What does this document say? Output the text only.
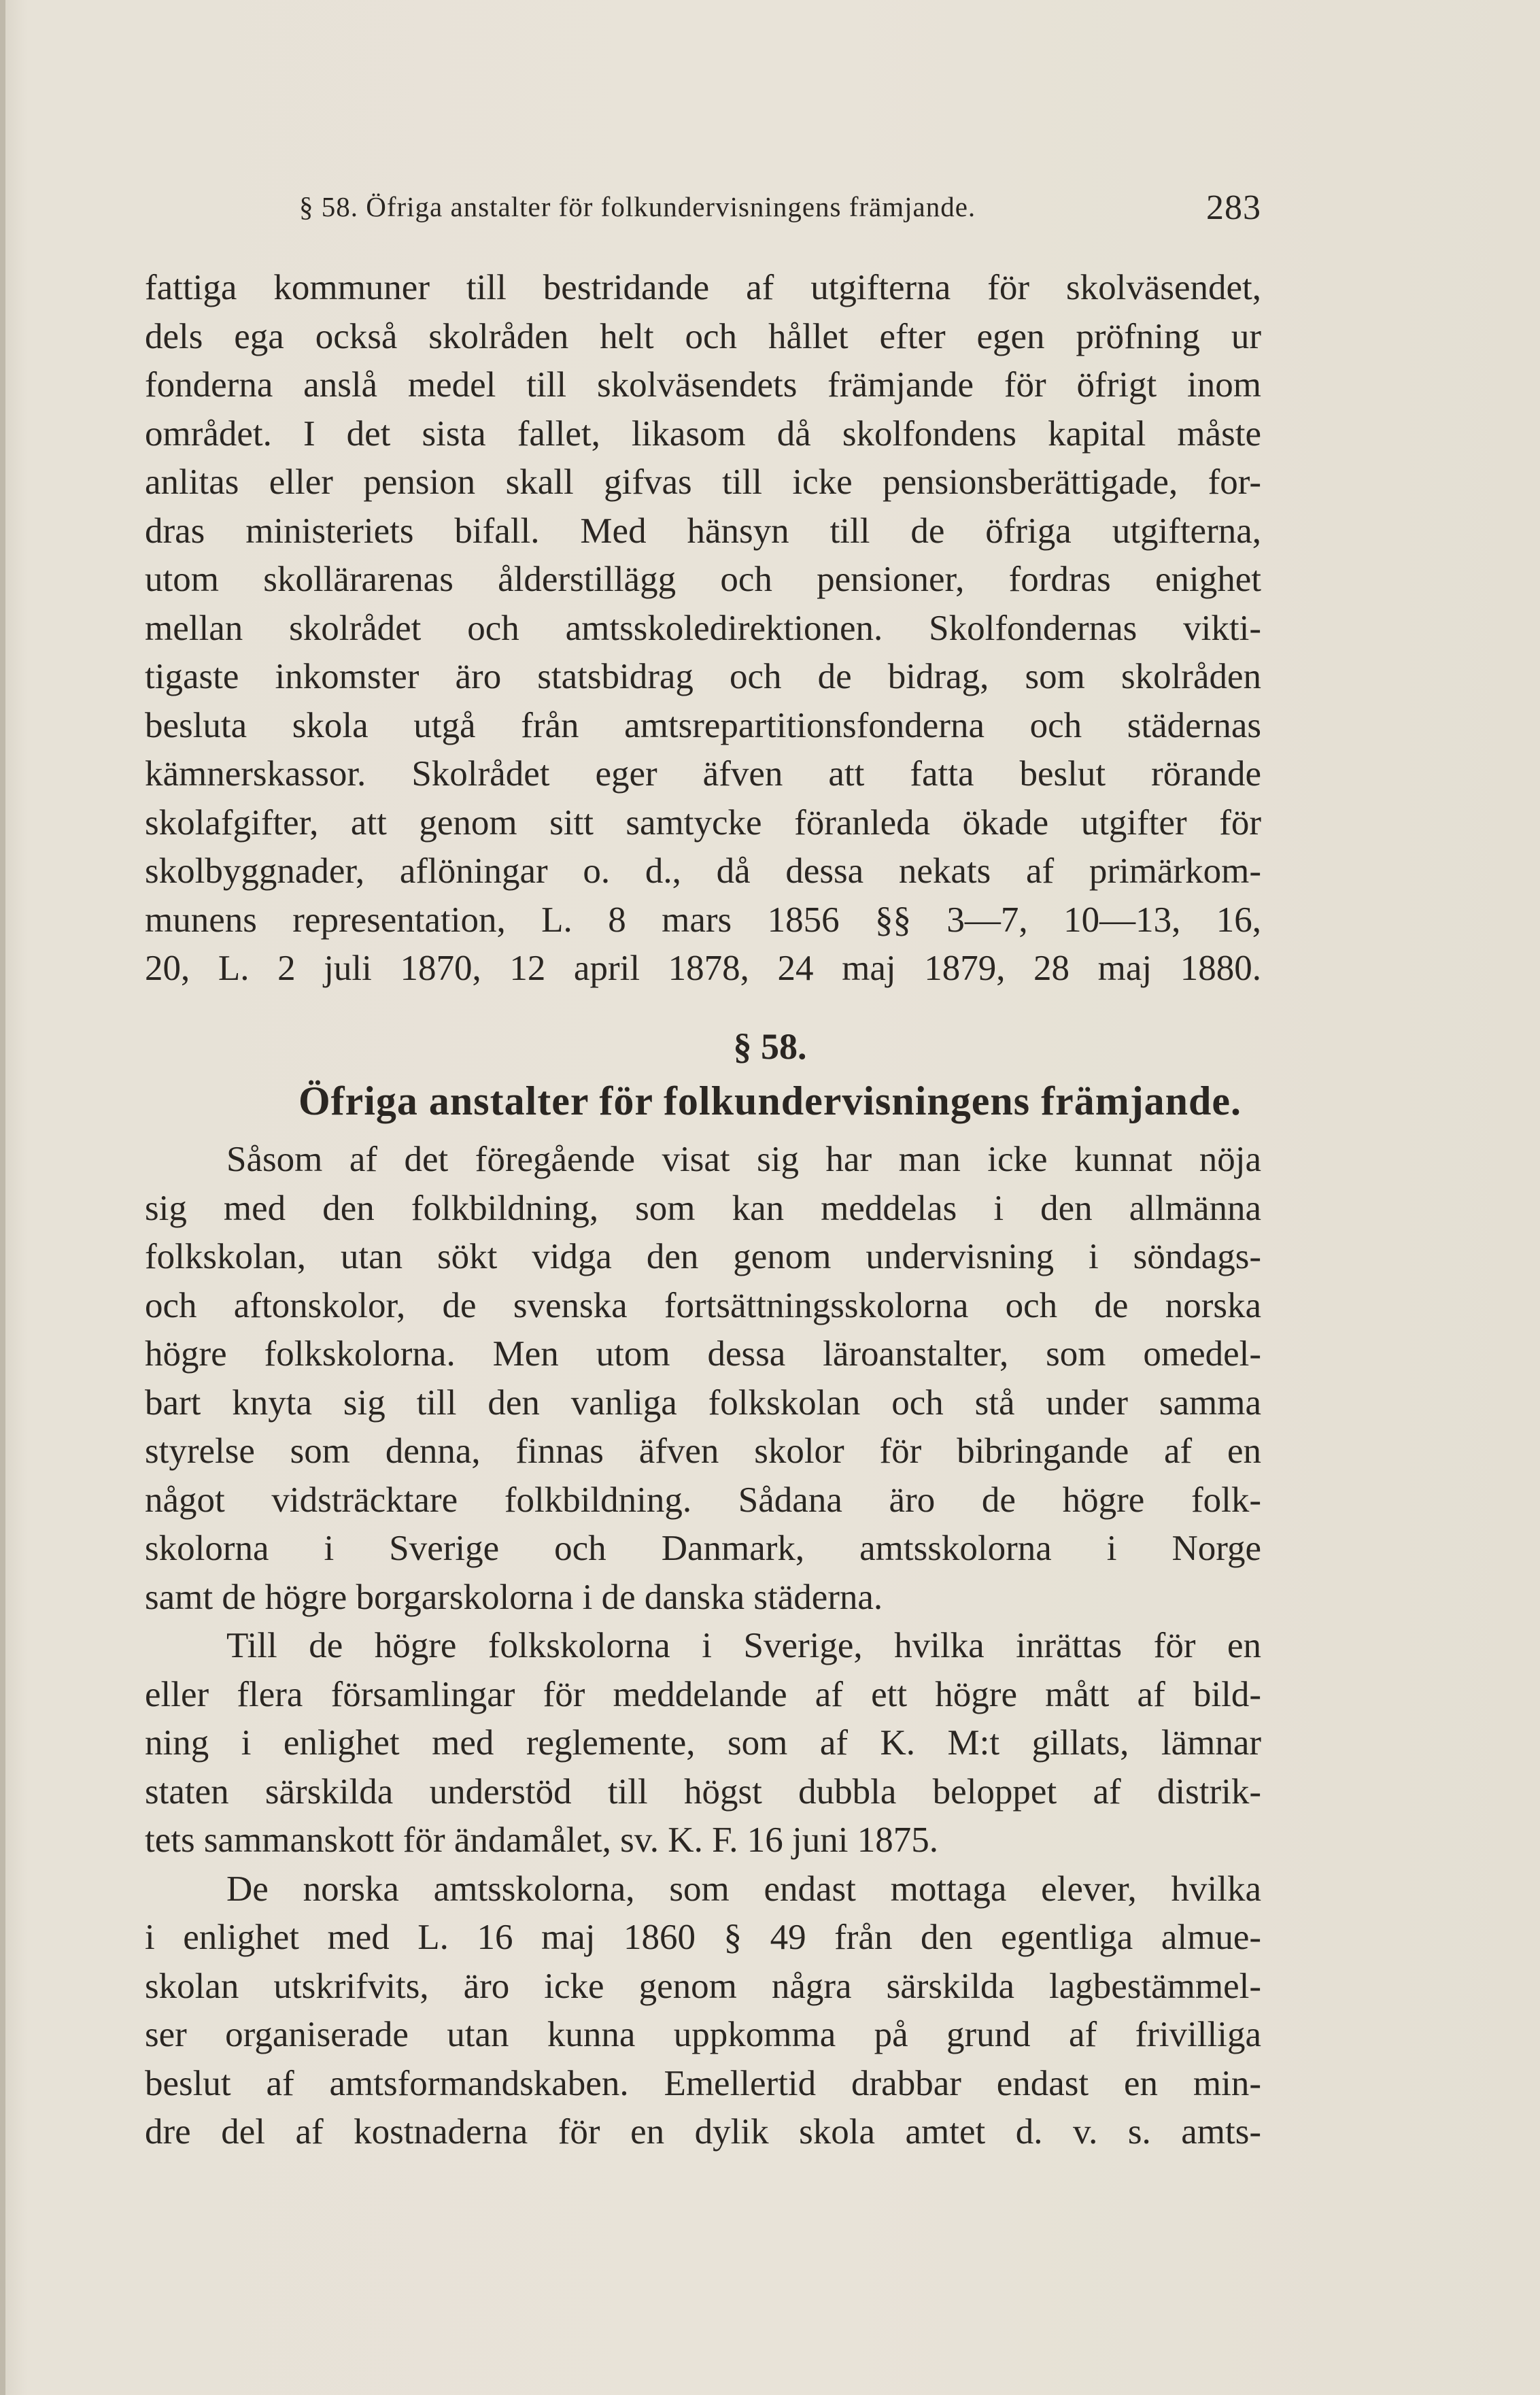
§ 58. Öfriga anstalter för folkundervisningens främjande.	283
fattiga kommuner till bestridande af utgifterna för skolväsendet,
dels ega också skolråden helt och hållet efter egen pröfning ur
fonderna anslå medel till skolväsendets främjande för öfrigt inom
området. I det sista fallet, likasom då skolfondens kapital måste
anlitas eller pension skall gifvas till icke pensionsberättigade, for-
dras ministeriets bifall. Med hänsyn till de öfriga utgifterna,
utom skollärarenas ålderstillägg och pensioner, fordras enighet
mellan skolrådet och amtsskoledirektionen. Skolfondernas vikti-
tigaste inkomster äro statsbidrag och de bidrag, som skolråden
besluta skola utgå från amtsrepartitionsfonderna och städernas
kämnerskassor. Skolrådet eger äfven att fatta beslut rörande
skolafgifter, att genom sitt samtycke föranleda ökade utgifter för
skolbyggnader, aflöningar o. d., då dessa nekats af primärkom-
munens representation, L. 8 mars 1856 §§ 3—7, 10—13, 16,
20, L. 2 juli 1870, 12 april 1878, 24 maj 1879, 28 maj 1880.
§ 58.
Öfriga anstalter för folkundervisningens främjande.
Såsom af det föregående visat sig har man icke kunnat nöja
sig med den folkbildning, som kan meddelas i den allmänna
folkskolan, utan sökt vidga den genom undervisning i söndags-
och aftonskolor, de svenska fortsättningsskolorna och de norska
högre folkskolorna. Men utom dessa läroanstalter, som omedel-
bart knyta sig till den vanliga folkskolan och stå under samma
styrelse som denna, finnas äfven skolor för bibringande af en
något vidsträcktare folkbildning. Sådana äro de högre folk-
skolorna i Sverige och Danmark, amtsskolorna i Norge
samt de högre borgarskolorna i de danska städerna.
Till de högre folkskolorna i Sverige, hvilka inrättas för en
eller flera församlingar för meddelande af ett högre mått af bild-
ning i enlighet med reglemente, som af K. M:t gillats, lämnar
staten särskilda understöd till högst dubbla beloppet af distrik-
tets sammanskott för ändamålet, sv. K. F. 16 juni 1875.
De norska amtsskolorna, som endast mottaga elever, hvilka
i enlighet med L. 16 maj 1860 § 49 från den egentliga almue-
skolan utskrifvits, äro icke genom några särskilda lagbestämmel-
ser organiserade utan kunna uppkomma på grund af frivilliga
beslut af amtsformandskaben. Emellertid drabbar endast en min-
dre del af kostnaderna för en dylik skola amtet d. v. s. amts-
